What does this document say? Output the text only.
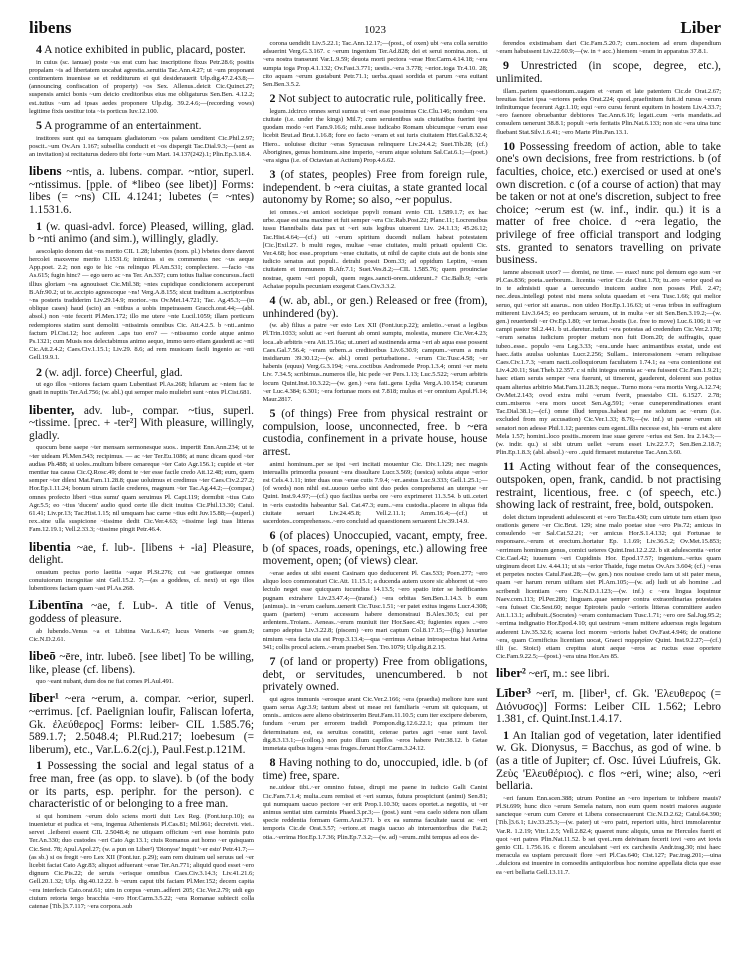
libens	1023	Liber

4 A notice exhibited in public, placard, poster.

in cuius (sc. ianuae) poste ~us erat cum hac inscriptione fixus Petr.28.6; positis propalam ~is ad libertatem uocabat agrestia..seruitia Tac.Ann.4.27; ut ~um proponant contimentem inuenisse se et redditurum ei qui desiderauerit Ulp.dig.47.2.43.8;—(announcing confiscation of property) ~os Sex. Allenus..deicit Cic.Quinct.27; suspensis amici bonis ~um deicio creditoribus eius me obligaturus Sen.Ben. 4.12.2; est..tutius ~um ad ipsas aedes proponere Ulp.dig. 39.2.4.6;—(recording vows) legitime fixis uestitur tota ~is porticus Iuv.12.100.

5 A programme of an entertainment.

institores sunt qui ea tamquam gladiatorum ~os palam uenditent Cic.Phil.2.97; poscit..~um Ov.Ars 1.167; subsellia conducit et ~os dispergit Tac.Dial.9.3;—(sent as an invitation) si recitaturus dedero tibi forte ~um Mart. 14.137(242).1; Plin.Ep.3.18.4.

libens ~ntis, a. lubens. compar. ~ntior, superl. ~ntissimus. [pple. of *libeo (see libet)] Forms: libes (= ~ns) CIL 4.1241; lubetes (= ~ntes) 1.1531.6.

1 (w. quasi-advl. force) Pleased, willing, glad. b ~nti animo (and sim.), willingly, gladly.

aescolapio donom dat ~ns merito CIL 1.28; lubentes (nom. pl.) lvbetes donv danvnt hercolei maxsvme merito 1.1531.6; inimicus si es commentus nec ~us aeque App.poet. 2.2; non ego te hic ~ns relinquo Pl.Am.531; complectere. —facio ~ns As.615; fugin hinc? — ego uero ac ~ns Ter. An.337; cum totius Italiae concursus..facti illius gloriam ~ns agnouisset Cic.Mil.38; ~ntes cupidique condicionem acceperunt B.Afr.90.2; ut te..accipio agnoscoque ~ns! Verg.A.8.155; sicut traditum a..scriptoribus ~ns posteris tradiderim Liv.29.14.9; morior..~ns Ov.Met.14.721; Tac. Ag.45.3;—(in oblique cases) haud (scio) an ~ntibus a uobis impetrassem Gracch.orat.44;—(abl. absol.) non ~nte fecerit Pl.Men.172; illo me utere ~nte Lucil.1059; illam porticum redemptores statim sunt demoliti ~ntissimis omnibus Cic. Att.4.2.5. b ~nti..animo factum Pl.Cist.12; hoc auferen ..aps tuo ero? — ~ntissumo corde atque animo Ps.1321; cum Musis nos delectabimus animo aequo, immo uero etiam gaudenti ac ~nti Cic.Att.2.4.2; Caes.Civ.1.15.1; Liv.29. 8.6; ad rem musicam facili ingenio ac ~nti Gell.19.9.1.

2 (w. adjl. force) Cheerful, glad.

ut ego illos ~ntiores faciam quam Lubentiast Pl.As.268; hilarum ac ~ntem fac te gnati in nuptiis Ter.Ad.756; (w. abl.) qui semper malo muliebri sunt ~ntes Pl.Cist.681.

libenter, adv. lub-, compar. ~tius, superl. ~tissime. [prec. + -ter²] With pleasure, willingly, gladly.

quocum bene saepe ~ter mensam sermonesque suos.. impertit Enn.Ann.234; ut te ~ter uideam Pl.Men.543; recipimus. — ac ~ter Ter.Eu.1086; at nunc dicam quod ~ter audias Ph.488; si uoles..multum bibere cenareque ~ter Cato Agr.156.1; cupide et ~ter mentiar tua causa Cic.Q.Rosc.49; domi te ~ter esse facile credo Att.12.48; eum, quem semper ~ter dilexi Mat.Fam.11.28.8; quae uoluimus et credimus ~ter Caes.Civ.2.27.2; Hor.Ep.1.11.24; bonum uirum facile crederes, magnum ~ter Tac.Ag.44.2;—(compar.) omnes profecto liberi ~tius sumu' quam seruimus Pl. Capt.119; dormibit ~tius Cato Agr.5.5; eo ~tius 'ducem' audio quod certe ille dicit inuitus Cic.Phil.13.30; Catul. 61.41; Liv.pr.13; Tac.Hist.1.15; nil umquam hac carne ~tius edit Juv.15.88;—(superl.) rex..sine ulla suspicione ~tissime dedit Cic.Ver.4.63; ~tissime legi tuas litteras Fam.12.19.1; Vell.2.33.3; ~tissime pingit Petr.46.4.

libentia ~ae, f. lub-. [libens + -ia] Pleasure, delight.

onustum pectus porto laetitia ~aque Pl.St.276; cui ~ae gratiaeque omnes conuiuiorum incognitae sint Gell.15.2. 7;—(as a goddess, cf. next) ut ego illos lubentiores faciam quam ~ast Pl.As.268.

Libentīna ~ae, f. Lub-. A title of Venus, goddess of pleasure.

ab lubendo..Venus ~a et Libitina Var.L.6.47; lucus Veneris ~ae gram.9; Cic.N.D.2.61.

libeō ~ēre, intr. lubeō. [see libet] To be willing, like, please (cf. libens).

quo ~eant nubant, dum dos ne fiat comes Pl.Aul.491.

līber¹ ~era ~erum, a. compar. ~erior, superl. ~errimus. [cf. Paelignian loufir, Faliscan loferta, Gk. ἐλεύθερος] Forms: leiber- CIL 1.585.76; 589.1.7; 2.5048.4; Pl.Rud.217; loebesum (= liberum), etc., Var.L.6.2(cj.), Paul.Fest.p.121M.

1 Possessing the social and legal status of a free man, free (as opp. to slave). b (of the body or its parts, esp. periphr. for the person). c characteristic of or belonging to a free man.

si qui hominem ~erum dolo sciens morti duit Lex Reg. (Font.iur.p.10); ea inuenietur et pudica et ~era, ingenua Atheniensis Pl.Cas.81; Mil.961; decreivit. vtei.. servei ..leiberei essent CIL 2.5048.4; ne utiquam officium ~eri esse hominis puto Ter.An.330; duo custodes ~eri Cato Agr.13.1; ciuis Romanus aut homo ~er quisquam Cic.Sest. 78; Apul.Apol.27; (w. a pun on Liber²) 'Dionyse' inquit '~er esto' Petr.41.7;—(as sb.) si os fregit ~ero Lex XII (Font.iur. p.29); eam rem diuiram uel seruus uel ~er licebit faciat Cato Agr.83; aliquot adfuerant ~erae Ter.An.771; aliquid quod esset ~ero dignum Cic.Pis.22; de seruis ~erisque omnibus Caes.Civ.3.14.3; Liv.41.21.6; Gell.20.1.32; Ulp. dig.40.12.22. b ~erum caput tibi faciam Pl.Mer.152; decem capita ~era interfecis Cato.orat.61; uim in corpus ~erum..adferri 205; Cic.Ver.2.79; uidi ego ciuium retorta tergo bracchia ~ero Hor.Carm.3.5.22; ~era Romanae subiecit colla catenae [Tib.]3.7.117; ~era corpora..sub

corona uendidit Liv.5.22.1; Tac.Ann.12.17;—(post., of oxen) ubi ~era colla seruitio adsuerint Verg.G.3.167. c ~erum ingenium Ter.Ad.828; dei et serui nomina..non.. ut ~era nostra transeunt Var.L.9.59; deuota morti pectora ~erae Hor.Carm.4.14.18; ~era sumpta toga Prop.4.1.132; Ov.Fast.3.771; uestis..~era 3.778; ~erior..toga Tr.4.10. 28; cito aquam ~erum gustabunt Petr.71.1; uerba..quasi sordida et parum ~era euitant Sen.Ben.3.5.2.

2 Not subject to autocratic rule, politically free.

legum..idcirco omnes serui sumus ut ~eri esse possimus Cic.Clu.146; nondum ~era ciuitate (i.e. under the kings) Mil.7; cum seruientibus suis ciuitatibus fuerint ipsi quodam modo ~eri Fam.9.16.6; mihi..esse iudicabo Romam ubicumque ~erum esse licebit Brut.ad Brut.1.16.8; fore eo facto ~eram et sui iuris ciuitatem Hirt.Gal.8.32.4; Hiero.. uoluisse dicitur ~eras Syracusas relinquere Liv.24.4.2; Suet.Tib.28; (cf.) Aborigines, genus hominum..sine imperio, ~erum atque solutum Sal.Cat.6.1;—(poet.) ~era signa (i.e. of Octavian at Actium) Prop.4.6.62.

3 (of states, peoples) Free from foreign rule, independent. b ~era ciuitas, a state granted local autonomy by Rome; so also, ~er populus.

iei omnes..~ei amicei socieique popvli romani svnto CIL 1.589.1.7; ex hac urbe..quae est una maxime et fuit semper ~era Cic.Rab.Post.22; Planc.11; Locrensibus iussu Hannibalis data pax ut ~eri suis legibus uiuerent Liv. 24.1.13; 45.26.12; Tac.Hist.4.64;—(cf.) uti ~erum spiritum ducendi nullam habeat potestatem [Cic.]Exil.27. b multi reges, multae ~erae ciuitates, multi priuati opulenti Cic. Ver.4.68; hoc esse..proprium ~erae ciuitatis, ut nihil de capite ciuis aut de bonis sine iudicio senatus aut populi.. detrahi possit Dom.33; ad oppidum Leptim, ~eram ciuitatem et immunem B.Afr.7.1; Suet.Ves.8.2;—CIL 1.585.76; quem prouinciae nostrae, quem ~eri populi, quem reges..sancti-orem..uiderunt..? Cic.Balb.9; ~eris Achaiae populis pecuniam exegerat Caes.Civ.3.3.2.

4 (w. ab, abl., or gen.) Released or free (from), unhindered (by).

(w. ab) filius a patre ~er esto Lex XII (Font.iur.p.22); amletio..~erast a legibus Pl.Trin.1033; soluti ac ~eri fuerunt ab omni sumptu, molestia, munere Cic.Ver.4.23; loca..ab arbitris ~era Att.15.16a; ut..uneri ad sustinenda arma ~eri ab aqua esse possent Caes.Gal.7.56.4; ~eram urbem..a creditoribus Liv.6.30.9; campum..~erum a metu insidiarum 39.30.12;—(w. abl.) omni perturbatione.. ~erum Cic.Tusc.4.58; ~er habenis (equus) Verg.G.3.194; ~era..coctibus Andromede Prop.1.3.4; omni ~er metu Liv. 7.34.5; scribimus..numeros ille, hic pede ~er Pers.1.13; Luc.5.522; ~erum arbitris locum Quint.Inst.10.3.22;—(w. gen.) ~era fati..gens Lydia Verg.A.10.154; curarum ~er Luc.4.384; 6.301; ~era fortunae mors est 7.818; mulus et ~er omnium Apul.Fl.14; Maur.2817.

5 (of things) Free from physical restraint or compulsion, loose, unconnected, free. b ~era custodia, confinement in a private house, house arrest.

animi hominum..per se ipsi ~eri incitati mouentur Cic. Div.1.129; nec magnis interuallis primordia possunt ~era dissultare Lucr.3.569; (uesica) soluta atque ~erior est Cels.4.1.11; inter duas oras ~erae cutis 7.9.4; ~er..aestus Luc.9.333; Gell.1.25.1;—(of words) non nihil est..uuouo uerbo sint duo pedes comprehensi an uterque ~er Quint. Inst.9.4.97;—(cf.) quo facilius uerba ore ~ero exprimeret 11.3.54. b uti..ceteri in ~eris custodiis habeantur Sal. Cat.47.3; eum..~era custodia..placere in aliqua fida ciuitate seruari Liv.24.45.8; Vell.2.11.1; Amm.16.4;—(cf.) ut sacerdotes..comprehensos..~ero concluid ad quaestionem seruarent Liv.39.14.9.

6 (of places) Unoccupied, vacant, empty, free. b (of spaces, roads, openings, etc.) allowing free movement, open; (of views) clear.

~erae aedes ut sibi essent Casinam quo deducerent Pl. Cas.533; Poen.277; ~ero aliquo loco commoraturi Cic.Att. 11.15.1; a ducenda autem uxore sic abhorret ut ~ero lectulo neget esse quicquam iucundius 14.13.5; ~ero spatio inter se hedificantes pugnam extrahere Liv.23.47.4;—(transf.) ~era orbitas Sen.Ben.1.14.3. b eum (animus).. in ~erum caelum..uenerit Cic.Tusc.1.51; ~er patet exitus ingens Lucr.4.308; quam (partem) ~erum accessum habere demonstraui B.Alex.30.5; cui per ardentem..Troiam.. Aeneas..~erum muniuit iter Hor.Saec.43; fugientes eques ..~ero campo adeptus Liv.3.22.8; (piscem) ~ero mari captum Col.8.17.15;—(fig.) luxuriae nimium ~era facta uia est Prop.3.13.4;—qua ~errimus Aetnae introspectus hiat Aetna 341; collis procul aciem..~eram praebet Sen. Tro.1079; Ulp.dig.8.2.15.

7 (of land or property) Free from obligations, debt, or servitudes, unencumbered. b not privately owned.

qui agros immunis ~erosque arant Cic.Ver.2.166; ~era (praedia) meliore iure sunt quam serua Agr.3.9; tantum abest ut meae rei familiaris ~erum sit quicquam, ut omnis.. amicos aere alieno obstrinxerim Brut.Fam.11.10.5; cum iter excipere deberem, fundum ~erum per errorem tradidi Pompon.dig.12.6.22.1; qua primum iter determinatum est, ea seruitus constitit, ceterae partes agri ~erae sunt Iavol. dig.8.3.13.1;—(colloq.) non puto illum capillos ~eros habere Petr.38.12. b Getae immetata quibus iugera ~eras fruges..ferunt Hor.Carm.3.24.12.

8 Having nothing to do, unoccupied, idle. b (of time) free, spare.

ne..uidear tibi..~er omnino fuisse, dirupi me paene in iudicio Galli Canini Cic.Fam.7.1.4; multa..cum remissi et ~eri sumus, futura prospiciunt (animi) Sen.81; qui numquam uacuo pectore ~er erit Prop.1.10.30; uaces oportet..a negotiis, ut ~er animus sentiat uim carminis Phaed.3.pr.3;— (post.) sunt ~era caelo sidera non ullam specie reddentia formam Germ.Arat.371. b ex ea summa facultate uacui ac ~eri temporis Cic.de Orat.3.57; ~eriore..et magis uacuo ab interuentoribus die Fat.2; otia..~errima Hor.Ep.1.7.36; Plin.Ep.7.3.2;—(w. ad) ~erum..mihi tempus ad eos de-

ferendos existimabam dari Cic.Fam.5.20.7; cum..noctem ad erum dispendium ~eram habuissent Liv.22.60.9;—(w. in + acc.) hiemem ~eram in apparatus 37.8.1.

9 Unrestricted (in scope, degree, etc.), unlimited.

illam..partem quaestionum..uagam et ~eram et late patentem Cic.de Orat.2.67; breuitas faciet ipsa ~eriores pedes Orat.224; quod..praefinitum fuit..id rursus ~erum infinitumque fecerunt Agr.1.10; equi ~ero cursu ferunt equitem in hostem Liv.4.33.7; ~ero faenore obruebantur debitores Tac.Ann.6.16; legati..cum ~eris mandatis..ad consulem uenerunt 38.8.1; populi ~eris feritatis Plin.Nat.6.133; non sic ~era uina tunc fluebant Stat.Silv.1.6.41; ~ero Marte Plin.Pan.13.1.

10 Possessing freedom of action, able to take one's own decisions, free from restrictions. b (of faculties, choice, etc.) exercised or used at one's own discretion. c (of a course of action) that may be taken or not at one's discretion, subject to free choice; ~erum est (w. inf., indir. qu.) it is a matter of free choice. d ~era legatio, the privilege of free official transport and lodging sts. granted to senators travelling on private business.

iamne abscessit uxor? — domist, ne time. — euax! nunc pol demum ego sum ~er Pl.Cas.836; poeta..uerborum.. licentia ~erior Cic.de Orat.1.70; tu..ero ~erior quod ea in te admisisti quae a uerecundo inuicem audire non posses Phil. 2.47; nec..deus..intellegi potest nisi mens soluta quaedam et ~era Tusc.1.66; qui melior seruo, qui ~erior sit auarus.. non uideo Hor.Ep.1.16.63; ut ~eras tribus in suffragium mitterent Liv.3.64.5; eo perducam seruum, ut in multa ~er sit Sen.Ben.3.19.2;—(w. gen.) reuertendi ~er Ov.Ep.1.80; ~er terrae..hostis (i.e. free to move) Luc.6.106; it ~er campi pastor Sil.2.441. b ut..daretur..iudici ~era potestas ad credendum Cic.Ver.2.178; ~erum senatus iudicium propter metum non fuit Dom.20; de suffragiis, quae iubeo..esse.. populo ~era Leg.3.33; ~era..unde haec animantibus exstat, unde est haec..fatis auulsa uoluntas Lucr.2.256; Sullam.. intercessionem ~eram reliquisse Caes.Civ.1.7.3; ~eram nacti..colloquiorum facultatem 1.74.1; ea ~era contentione est Liv.4.20.11; Stat.Theb.12.357. c si nihi integra omnia ac ~era fuissent Cic.Fam.1.9.21; haec etiam seruis semper ~era fuerunt, ut timerent, gauderent, dolerent suo potius quam alterius arbitrio Mat.Fam.11.28.3; neque.. Turno mora ~era mortis Verg.A.12.74; Ov.Met.2.143; ovod extra mihi ~erum fverit, praestabo CIL 6.1527. 2.78; cum..miseros ~era mors uocet Sen.Ag.591; ~erae cuneperendinationes erant Tac.Dial.38.1;—(cf.) omne illud tempus..habeat per me solutum ac ~erum (i.e. excluded from my accusation) Cic.Ver.1.33; 8.76;—(w. inf.) ut paene ~erum sit senatori non adesse Phil.1.12; parentes cum egent..illis necesse est, his ~erum est alere Mela 1.57; homini..loco positis..morem irae suae gerere ~erius est Sen. Ira 2.14.3;—(w. indir. qu.) si sibi utrum uellet ~erum esset Liv.22.7.7; Sen.Ben.2.18.7; Plin.Ep.1.8.3; (abl. absol.) ~ero ..quid firmaret mutaretue Tac.Ann.3.60.

11 Acting without fear of the consequences, outspoken, open, frank, candid. b not practising restraint, licentious, free. c (of speech, etc.) showing lack of restraint, free, bold, outspoken.

dolet dictum inprudenti adulescenti et ~ero Ter.Eu.430; cum uirtute tum etiam ipso orationis genere ~er Cic.Brut. 129; sine malo poetae siue ~ero Pis.72; amicus in consulendo ~er Sal.Cat.52.21; ~er amicus Hor.S.1.4.132; qui Fortunae te responsare..~erum et erectum..hortatur Ep. 1.1.69; Liv.36.5.2; Ov.Met.15.853; ~errimum hominum genus, comici ueteres Quint.Inst.12.2.22. b sit adulescentia ~erior Cic.Cael.42; iuuenum ~eri Cupidinis Hor. Epod.17.57; ingenium..~erius quam uirginum decet Liv. 4.44.11; ut sis ~erior Thaide, fuge metus Ov.Ars 3.604; (cf.) ~eras et perpetes noctes Catul.Fast.28;—(w. gen.) nos nouisse credo iam ut sit pater meus, quam ~er harum rerum uiiltam siet Pl.Am.105;—(w. ad) ludi ut ab homine ..ad scribendi licentiam ~ero Cic.N.D.1.123;—(w. inf.) c ~era lingua loquimur Naev.com.113; Pl.Per.280; linguam..quae semper contra extraordinarias potestates ~era fuisset Cic.Sest.60; neque Epiroteis paulo ~erioris litteras committere audeo Att.1.13.1; adhibuit..(Socrates) ~eram contumaciam Tusc.1.71; ~ero ore Sal.Jug.95.2; ~errima indignatio Hor.Epod.4.10; qui uestrum ~eram mittere aduersus regis legatum auderent Liv.35.32.6; scaena loci morem ~erioris habet Ov.Fast.4.946; de oratione ~era, quam Cornificius licentiam uocat, Graeci παρρησίαν Quint. Inst.9.2.27;—(cf.) illi (sc. Stoici) etiam crepitus aiunt aeque ~eros ac ructus esse oportere Cic.Fam.9.22.5;—(post.) ~era uina Hor.Ars 85.

liber² ~erī, m.: see libri.

Līber³ ~erī, m. [liber¹, cf. Gk. 'Ελευθερος (= Διόνυσος)] Forms: Leiber CIL 1.562; Lebro 1.381, cf. Quint.Inst.1.4.17.

1 An Italian god of vegetation, later identified w. Gk. Dionysus, = Bacchus, as god of wine. b (as a title of Jupiter; cf. Osc. Iúvei Lúufreis, Gk. Ζεὺς 'Ελευθέριος). c flos ~eri, wine; also, ~eri bellaria.

~eri fanum Enn.scen.388; utrum Pontine an ~ero inperium te inhibere mauis? Pl.St.699; hunc dico ~erum Semela natum, non eum quem nostri maiores auguste sancteque ~erum cum Cerere et Libera consecrauerunt Cic.N.D.2.62; Catul.64.390; [Tib.]3.6.1; Liv.33.25.3;—(w. pater) ut ~ero patri, repertori uitis, hirci immolarentur Var.R. 1.2.19; Vitr.1.2.5; Vell.2.82.4; quaeret nunc aliquis, unus ne Hercules fuerit et quot ~eri patres Plin.Nat.11.52. b sei qvei..rem deivinam fecerit iovi ~ero avt iovis genio CIL 1.756.16. c florem anculabant ~eri ex carchesiis Andr.trag.30; nisi haec meracula ea uspiam percussit flore ~eri Pl.Cas.640; Cist.127; Pac.trag.201;—uina ..dulciora est inuenire in comoediis antiquioribus hoc nomine appellata dicta que esse ea ~eri bellaria Gell.13.11.7.
